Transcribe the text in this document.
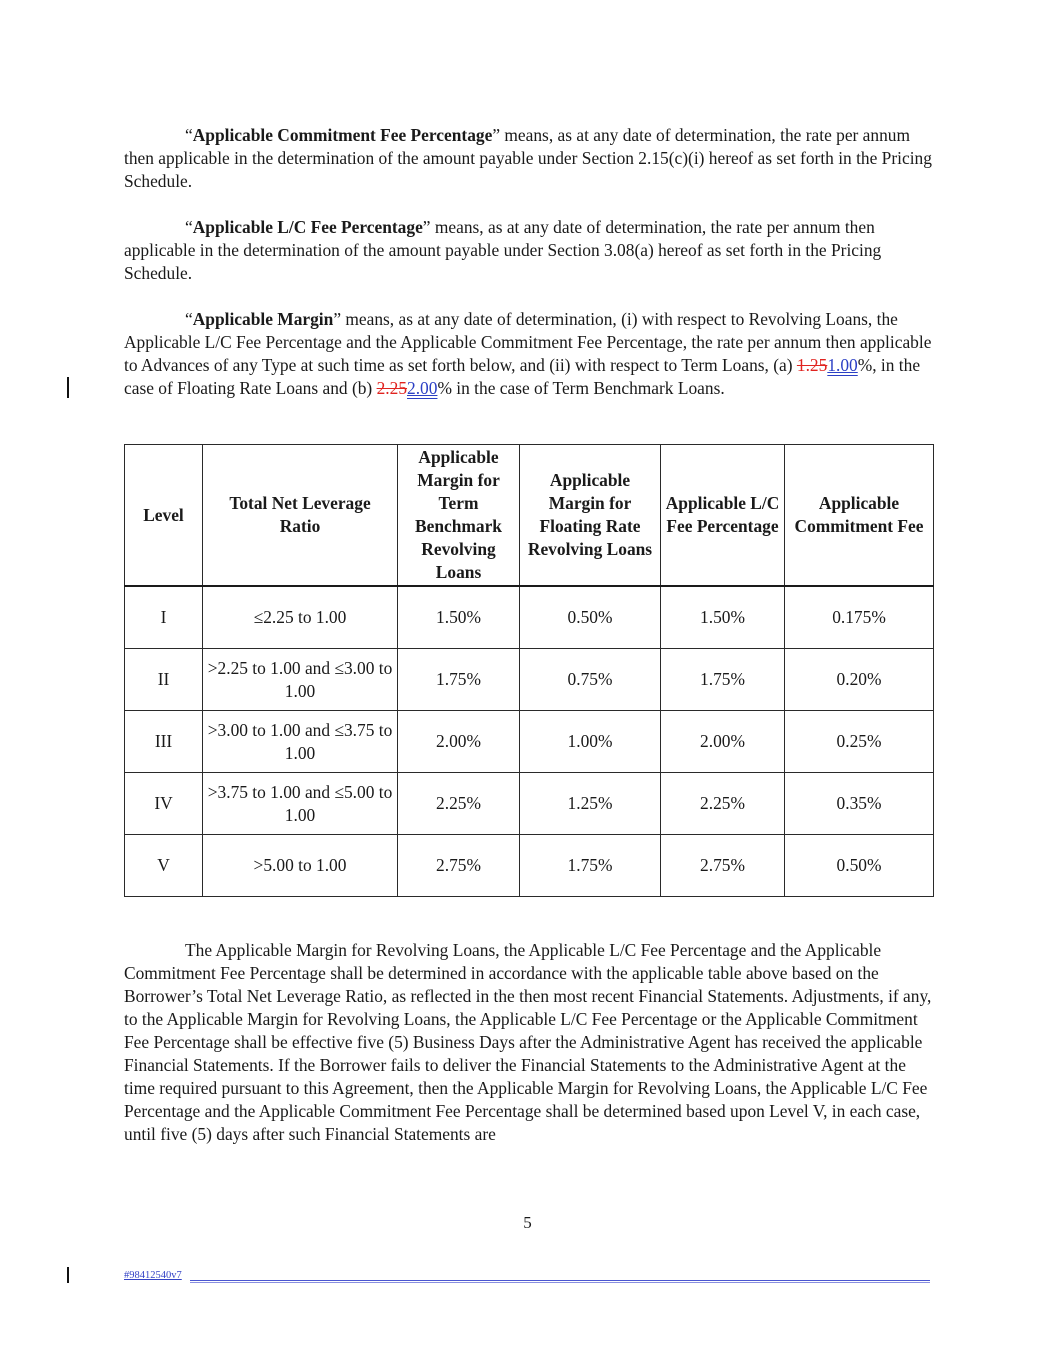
“Applicable Commitment Fee Percentage” means, as at any date of determination, the rate per annum then applicable in the determination of the amount payable under Section 2.15(c)(i) hereof as set forth in the Pricing Schedule.

“Applicable L/C Fee Percentage” means, as at any date of determination, the rate per annum then applicable in the determination of the amount payable under Section 3.08(a) hereof as set forth in the Pricing Schedule.

“Applicable Margin” means, as at any date of determination, (i) with respect to Revolving Loans, the Applicable L/C Fee Percentage and the Applicable Commitment Fee Percentage, the rate per annum then applicable to Advances of any Type at such time as set forth below, and (ii) with respect to Term Loans, (a) 1.251.00%, in the case of Floating Rate Loans and (b) 2.252.00% in the case of Term Benchmark Loans.

Level	Total Net Leverage Ratio	Applicable Margin for Term Benchmark Revolving Loans	Applicable Margin for Floating Rate Revolving Loans	Applicable L/C Fee Percentage	Applicable Commitment Fee
I	≤2.25 to 1.00	1.50%	0.50%	1.50%	0.175%
II	>2.25 to 1.00 and ≤3.00 to 1.00	1.75%	0.75%	1.75%	0.20%
III	>3.00 to 1.00 and ≤3.75 to 1.00	2.00%	1.00%	2.00%	0.25%
IV	>3.75 to 1.00 and ≤5.00 to 1.00	2.25%	1.25%	2.25%	0.35%
V	>5.00 to 1.00	2.75%	1.75%	2.75%	0.50%

The Applicable Margin for Revolving Loans, the Applicable L/C Fee Percentage and the Applicable Commitment Fee Percentage shall be determined in accordance with the applicable table above based on the Borrower’s Total Net Leverage Ratio, as reflected in the then most recent Financial Statements. Adjustments, if any, to the Applicable Margin for Revolving Loans, the Applicable L/C Fee Percentage or the Applicable Commitment Fee Percentage shall be effective five (5) Business Days after the Administrative Agent has received the applicable Financial Statements. If the Borrower fails to deliver the Financial Statements to the Administrative Agent at the time required pursuant to this Agreement, then the Applicable Margin for Revolving Loans, the Applicable L/C Fee Percentage and the Applicable Commitment Fee Percentage shall be determined based upon Level V, in each case, until five (5) days after such Financial Statements are

5
#98412540v7
